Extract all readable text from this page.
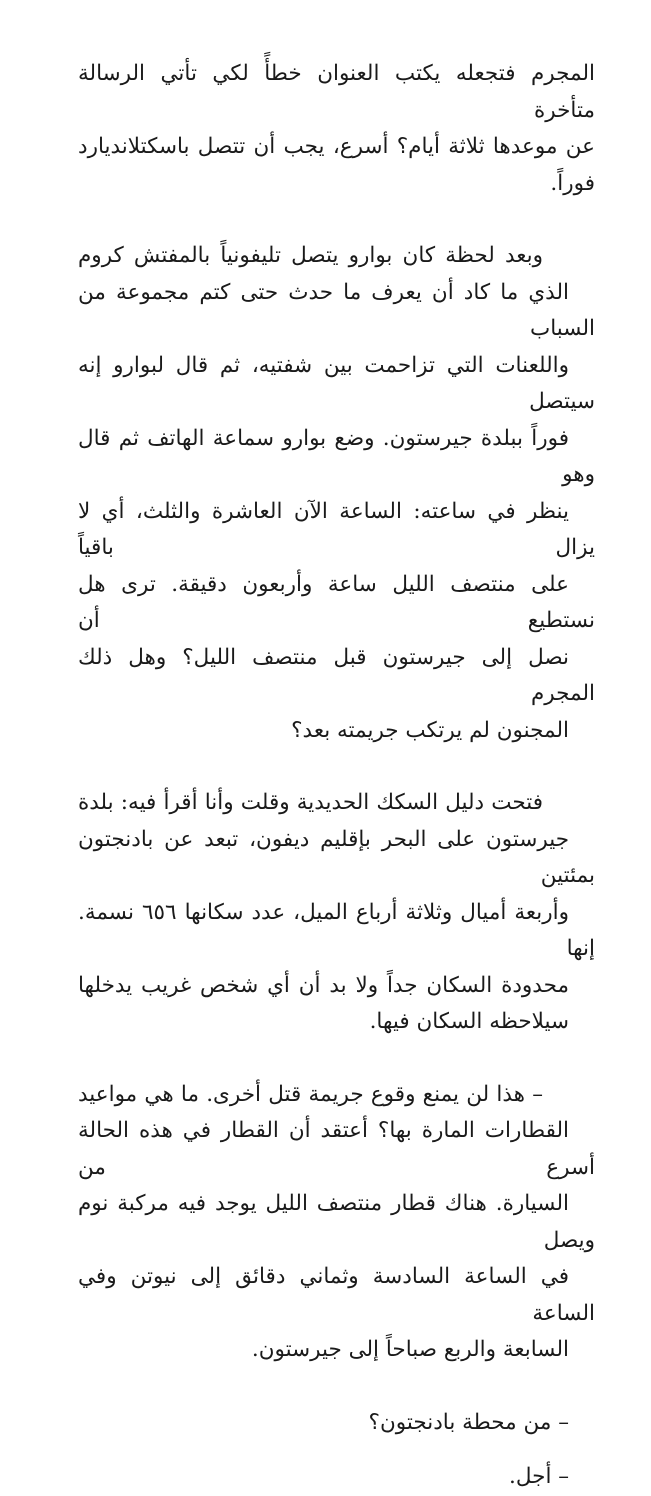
المجرم فتجعله يكتب العنوان خطأً لكي تأتي الرسالة متأخرة
عن موعدها ثلاثة أيام؟ أسرع، يجب أن تتصل باسكتلانديارد
فوراً.

وبعد لحظة كان بوارو يتصل تليفونياً بالمفتش كروم
الذي ما كاد أن يعرف ما حدث حتى كتم مجموعة من السباب
واللعنات التي تزاحمت بين شفتيه، ثم قال لبوارو إنه سيتصل
فوراً ببلدة جيرستون. وضع بوارو سماعة الهاتف ثم قال وهو
ينظر في ساعته: الساعة الآن العاشرة والثلث، أي لا يزال باقياً
على منتصف الليل ساعة وأربعون دقيقة. ترى هل نستطيع أن
نصل إلى جيرستون قبل منتصف الليل؟ وهل ذلك المجرم
المجنون لم يرتكب جريمته بعد؟

فتحت دليل السكك الحديدية وقلت وأنا أقرأ فيه: بلدة
جيرستون على البحر بإقليم ديفون، تبعد عن بادنجتون بمئتين
وأربعة أميال وثلاثة أرباع الميل، عدد سكانها ٦٥٦ نسمة. إنها
محدودة السكان جداً ولا بد أن أي شخص غريب يدخلها
سيلاحظه السكان فيها.

– هذا لن يمنع وقوع جريمة قتل أخرى. ما هي مواعيد
القطارات المارة بها؟ أعتقد أن القطار في هذه الحالة أسرع من
السيارة. هناك قطار منتصف الليل يوجد فيه مركبة نوم ويصل
في الساعة السادسة وثماني دقائق إلى نيوتن وفي الساعة
السابعة والربع صباحاً إلى جيرستون.

– من محطة بادنجتون؟

– أجل.
